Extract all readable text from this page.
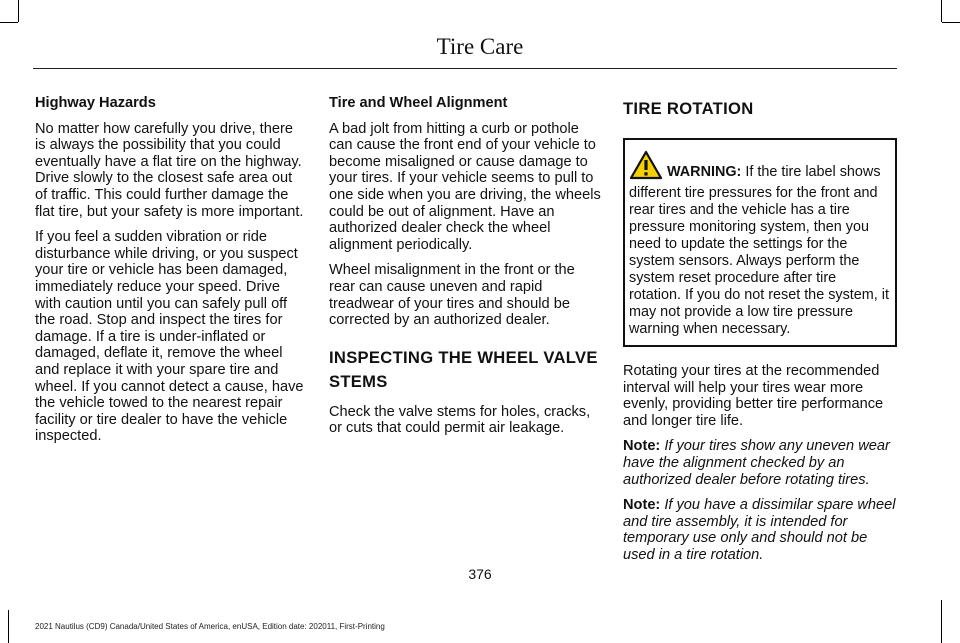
Tire Care
Highway Hazards

No matter how carefully you drive, there is always the possibility that you could eventually have a flat tire on the highway. Drive slowly to the closest safe area out of traffic. This could further damage the flat tire, but your safety is more important.

If you feel a sudden vibration or ride disturbance while driving, or you suspect your tire or vehicle has been damaged, immediately reduce your speed. Drive with caution until you can safely pull off the road. Stop and inspect the tires for damage. If a tire is under-inflated or damaged, deflate it, remove the wheel and replace it with your spare tire and wheel. If you cannot detect a cause, have the vehicle towed to the nearest repair facility or tire dealer to have the vehicle inspected.

Tire and Wheel Alignment

A bad jolt from hitting a curb or pothole can cause the front end of your vehicle to become misaligned or cause damage to your tires. If your vehicle seems to pull to one side when you are driving, the wheels could be out of alignment. Have an authorized dealer check the wheel alignment periodically.

Wheel misalignment in the front or the rear can cause uneven and rapid treadwear of your tires and should be corrected by an authorized dealer.

INSPECTING THE WHEEL VALVE STEMS

Check the valve stems for holes, cracks, or cuts that could permit air leakage.

TIRE ROTATION
WARNING: If the tire label shows different tire pressures for the front and rear tires and the vehicle has a tire pressure monitoring system, then you need to update the settings for the system sensors. Always perform the system reset procedure after tire rotation. If you do not reset the system, it may not provide a low tire pressure warning when necessary.

Rotating your tires at the recommended interval will help your tires wear more evenly, providing better tire performance and longer tire life.

Note: If your tires show any uneven wear have the alignment checked by an authorized dealer before rotating tires.

Note: If you have a dissimilar spare wheel and tire assembly, it is intended for temporary use only and should not be used in a tire rotation.

376
2021 Nautilus (CD9) Canada/United States of America, enUSA, Edition date: 202011, First-Printing
